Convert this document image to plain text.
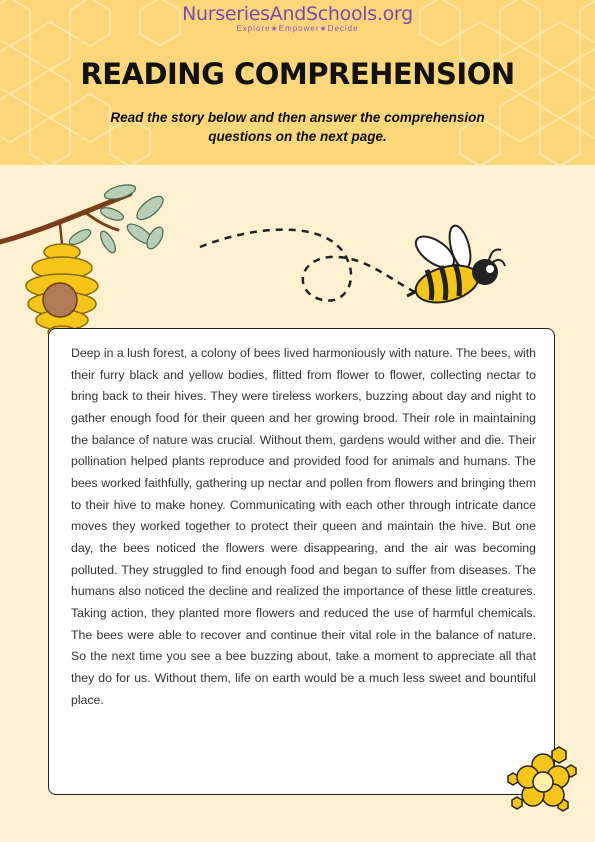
NurseriesAndSchools.org
Explore★Empower★Decide
READING COMPREHENSION
Read the story below and then answer the comprehension questions on the next page.

Deep in a lush forest, a colony of bees lived harmoniously with nature. The bees, with their furry black and yellow bodies, flitted from flower to flower, collecting nectar to bring back to their hives. They were tireless workers, buzzing about day and night to gather enough food for their queen and her growing brood. Their role in maintaining the balance of nature was crucial. Without them, gardens would wither and die. Their pollination helped plants reproduce and provided food for animals and humans. The bees worked faithfully, gathering up nectar and pollen from flowers and bringing them to their hive to make honey. Communicating with each other through intricate dance moves they worked together to protect their queen and maintain the hive. But one day, the bees noticed the flowers were disappearing, and the air was becoming polluted. They struggled to find enough food and began to suffer from diseases. The humans also noticed the decline and realized the importance of these little creatures. Taking action, they planted more flowers and reduced the use of harmful chemicals. The bees were able to recover and continue their vital role in the balance of nature. So the next time you see a bee buzzing about, take a moment to appreciate all that they do for us. Without them, life on earth would be a much less sweet and bountiful place.
